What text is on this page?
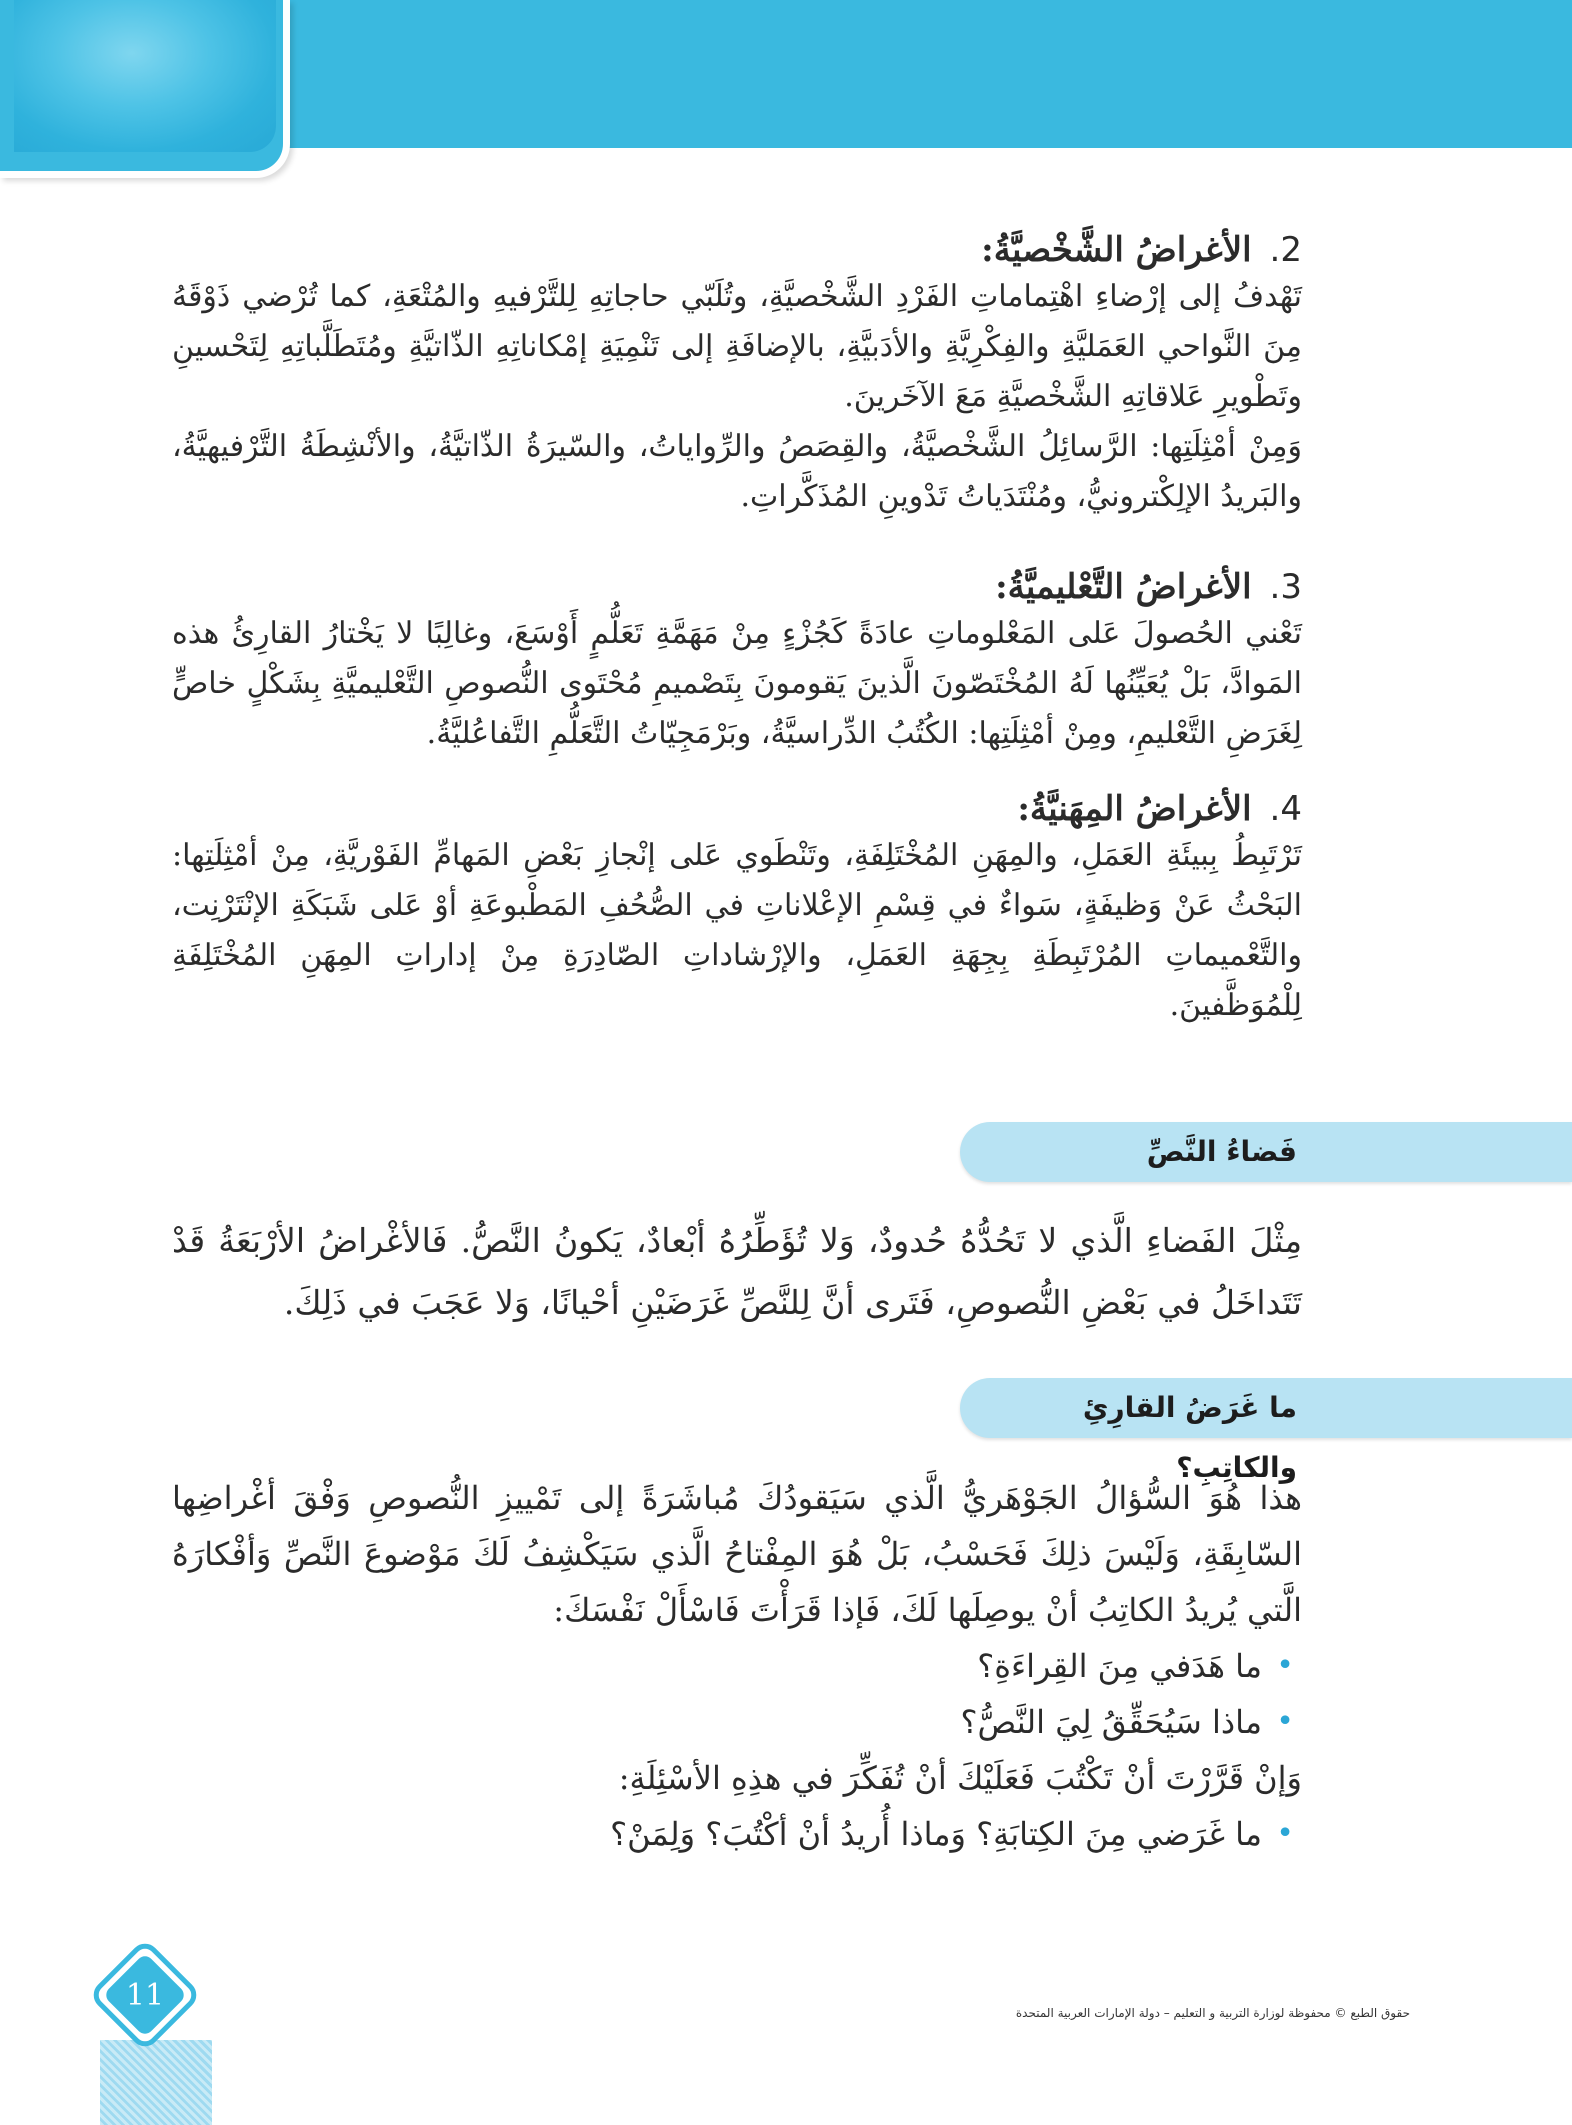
.2
الأغراضُ الشَّخْصيَّةُ:

تَهْدفُ إلى إرْضاءِ اهْتِماماتِ الفَرْدِ الشَّخْصيَّةِ، وتُلَبّي حاجاتِهِ لِلتَّرْفيهِ والمُتْعَةِ، كما تُرْضي ذَوْقَهُ مِنَ النَّواحي العَمَليَّةِ والفِكْرِيَّةِ والأدَبيَّةِ، بالإضافَةِ إلى تَنْمِيَةِ إمْكاناتِهِ الذّاتيَّةِ ومُتَطَلَّباتِهِ لِتَحْسينِ وتَطْويرِ عَلاقاتِهِ الشَّخْصيَّةِ مَعَ الآخَرينَ.

وَمِنْ أمْثِلَتِها: الرَّسائِلُ الشَّخْصيَّةُ، والقِصَصُ والرِّواياتُ، والسّيرَةُ الذّاتيَّةُ، والأنْشِطَةُ التَّرْفيهيَّةُ، والبَريدُ الإلِكْترونيُّ، ومُنْتَدَياتُ تَدْوينِ المُذَكَّراتِ.

.3
الأغراضُ التَّعْليميَّةُ:

تَعْني الحُصولَ عَلى المَعْلوماتِ عادَةً كَجُزْءٍ مِنْ مَهَمَّةِ تَعَلُّمٍ أَوْسَعَ، وغالِبًا لا يَخْتارُ القارِئُ هذه المَوادَّ، بَلْ يُعَيِّنُها لَهُ المُخْتَصّونَ الَّذينَ يَقومونَ بِتَصْميمِ مُحْتَوى النُّصوصِ التَّعْليميَّةِ بِشَكْلٍ خاصٍّ لِغَرَضِ التَّعْليمِ، ومِنْ أمْثِلَتِها: الكُتُبُ الدِّراسيَّةُ، وبَرْمَجِيّاتُ التَّعَلُّمِ التَّفاعُليَّةُ.

.4
الأغراضُ المِهَنيَّةُ:

تَرْتَبِطُ بِبيئَةِ العَمَلِ، والمِهَنِ المُخْتَلِفَةِ، وتَنْطَوي عَلى إنْجازِ بَعْضِ المَهامِّ الفَوْريَّةِ، مِنْ أمْثِلَتِها: البَحْثُ عَنْ وَظيفَةٍ، سَواءٌ في قِسْمِ الإعْلاناتِ في الصُّحُفِ المَطْبوعَةِ أوْ عَلى شَبَكَةِ الإنْتَرْنِت، والتَّعْميماتِ المُرْتَبِطَةِ بِجِهَةِ العَمَلِ، والإرْشاداتِ الصّادِرَةِ مِنْ إداراتِ المِهَنِ المُخْتَلِفَةِ لِلْمُوَظَّفينَ.

فَضاءُ النَّصِّ
مِثْلَ الفَضاءِ الَّذي لا تَحُدُّهُ حُدودٌ، وَلا تُؤَطِّرُهُ أبْعادٌ، يَكونُ النَّصُّ. فَالأغْراضُ الأرْبَعَةُ قَدْ تَتَداخَلُ في بَعْضِ النُّصوصِ، فَتَرى أنَّ لِلنَّصِّ غَرَضَيْنِ أحْيانًا، وَلا عَجَبَ في ذَلِكَ.
ما غَرَضُ القارِئِ والكاتِبِ؟
هذا هُوَ السُّؤالُ الجَوْهَريُّ الَّذي سَيَقودُكَ مُباشَرَةً إلى تَمْييزِ النُّصوصِ وَفْقَ أغْراضِها السّابِقَةِ، وَلَيْسَ ذلِكَ فَحَسْبُ، بَلْ هُوَ المِفْتاحُ الَّذي سَيَكْشِفُ لَكَ مَوْضوعَ النَّصِّ وَأفْكارَهُ الَّتي يُريدُ الكاتِبُ أنْ يوصِلَها لَكَ، فَإذا قَرَأْتَ فَاسْأَلْ نَفْسَكَ:
•
ما هَدَفي مِنَ القِراءَةِ؟
•
ماذا سَيُحَقِّقُ لِيَ النَّصُّ؟
وَإنْ قَرَّرْتَ أنْ تَكْتُبَ فَعَلَيْكَ أنْ تُفَكِّرَ في هذِهِ الأسْئِلَةِ:
•
ما غَرَضي مِنَ الكِتابَةِ؟ وَماذا أُريدُ أنْ أكْتُبَ؟ وَلِمَنْ؟
11	حقوق الطبع © محفوظة لوزارة التربية و التعليم – دولة الإمارات العربية المتحدة
